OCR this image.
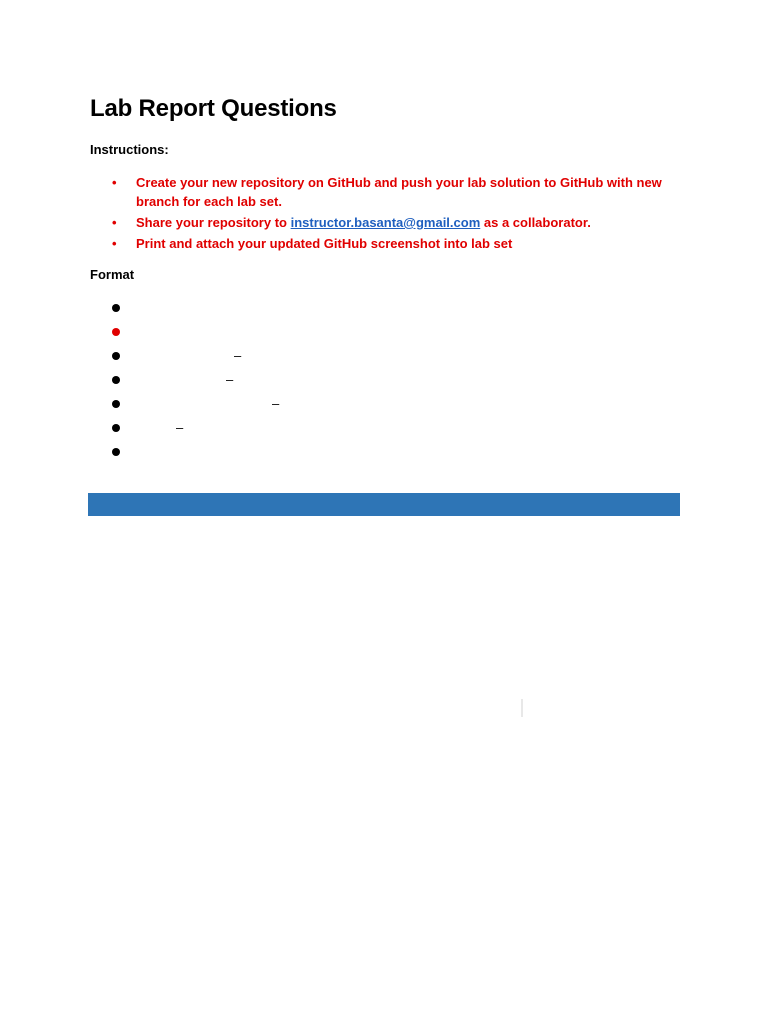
Lab Report Questions
Instructions:
• Create your new repository on GitHub and push your lab solution to GitHub with new branch for each lab set.
• Share your repository to instructor.basanta@gmail.com as a collaborator.
• Print and attach your updated GitHub screenshot into lab set
Format
–
–
–
–
